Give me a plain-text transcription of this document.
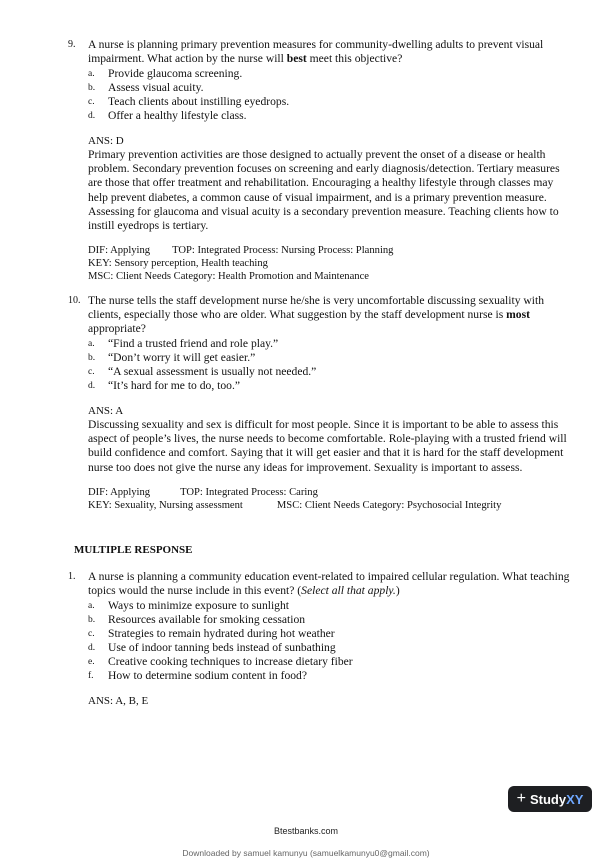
9. A nurse is planning primary prevention measures for community-dwelling adults to prevent visual impairment. What action by the nurse will best meet this objective?

a. Provide glaucoma screening.
b. Assess visual acuity.
c. Teach clients about instilling eyedrops.
d. Offer a healthy lifestyle class.
ANS: D

Primary prevention activities are those designed to actually prevent the onset of a disease or health problem. Secondary prevention focuses on screening and early diagnosis/detection. Tertiary measures are those that offer treatment and rehabilitation. Encouraging a healthy lifestyle through classes may help prevent diabetes, a common cause of visual impairment, and is a primary prevention measure. Assessing for glaucoma and visual acuity is a secondary prevention measure. Teaching clients how to instill eyedrops is tertiary.

DIF: Applying TOP: Integrated Process: Nursing Process: Planning
KEY: Sensory perception, Health teaching
MSC: Client Needs Category: Health Promotion and Maintenance
10. The nurse tells the staff development nurse he/she is very uncomfortable discussing sexuality with clients, especially those who are older. What suggestion by the staff development nurse is most appropriate?

a. “Find a trusted friend and role play.”
b. “Don’t worry it will get easier.”
c. “A sexual assessment is usually not needed.”
d. “It’s hard for me to do, too.”
ANS: A

Discussing sexuality and sex is difficult for most people. Since it is important to be able to assess this aspect of people’s lives, the nurse needs to become comfortable. Role-playing with a trusted friend will build confidence and comfort. Saying that it will get easier and that it is hard for the staff development nurse too does not give the nurse any ideas for improvement. Sexuality is important to assess.

DIF: Applying	TOP: Integrated Process: Caring
KEY: Sexuality, Nursing assessment	MSC: Client Needs Category: Psychosocial Integrity
MULTIPLE RESPONSE
1. A nurse is planning a community education event-related to impaired cellular regulation. What teaching topics would the nurse include in this event? (Select all that apply.)

a. Ways to minimize exposure to sunlight
b. Resources available for smoking cessation
c. Strategies to remain hydrated during hot weather
d. Use of indoor tanning beds instead of sunbathing
e. Creative cooking techniques to increase dietary fiber
f. How to determine sodium content in food?
ANS: A, B, E
+ Study XY
Btestbanks.com
Downloaded by samuel kamunyu (samuelkamunyu0@gmail.com)
